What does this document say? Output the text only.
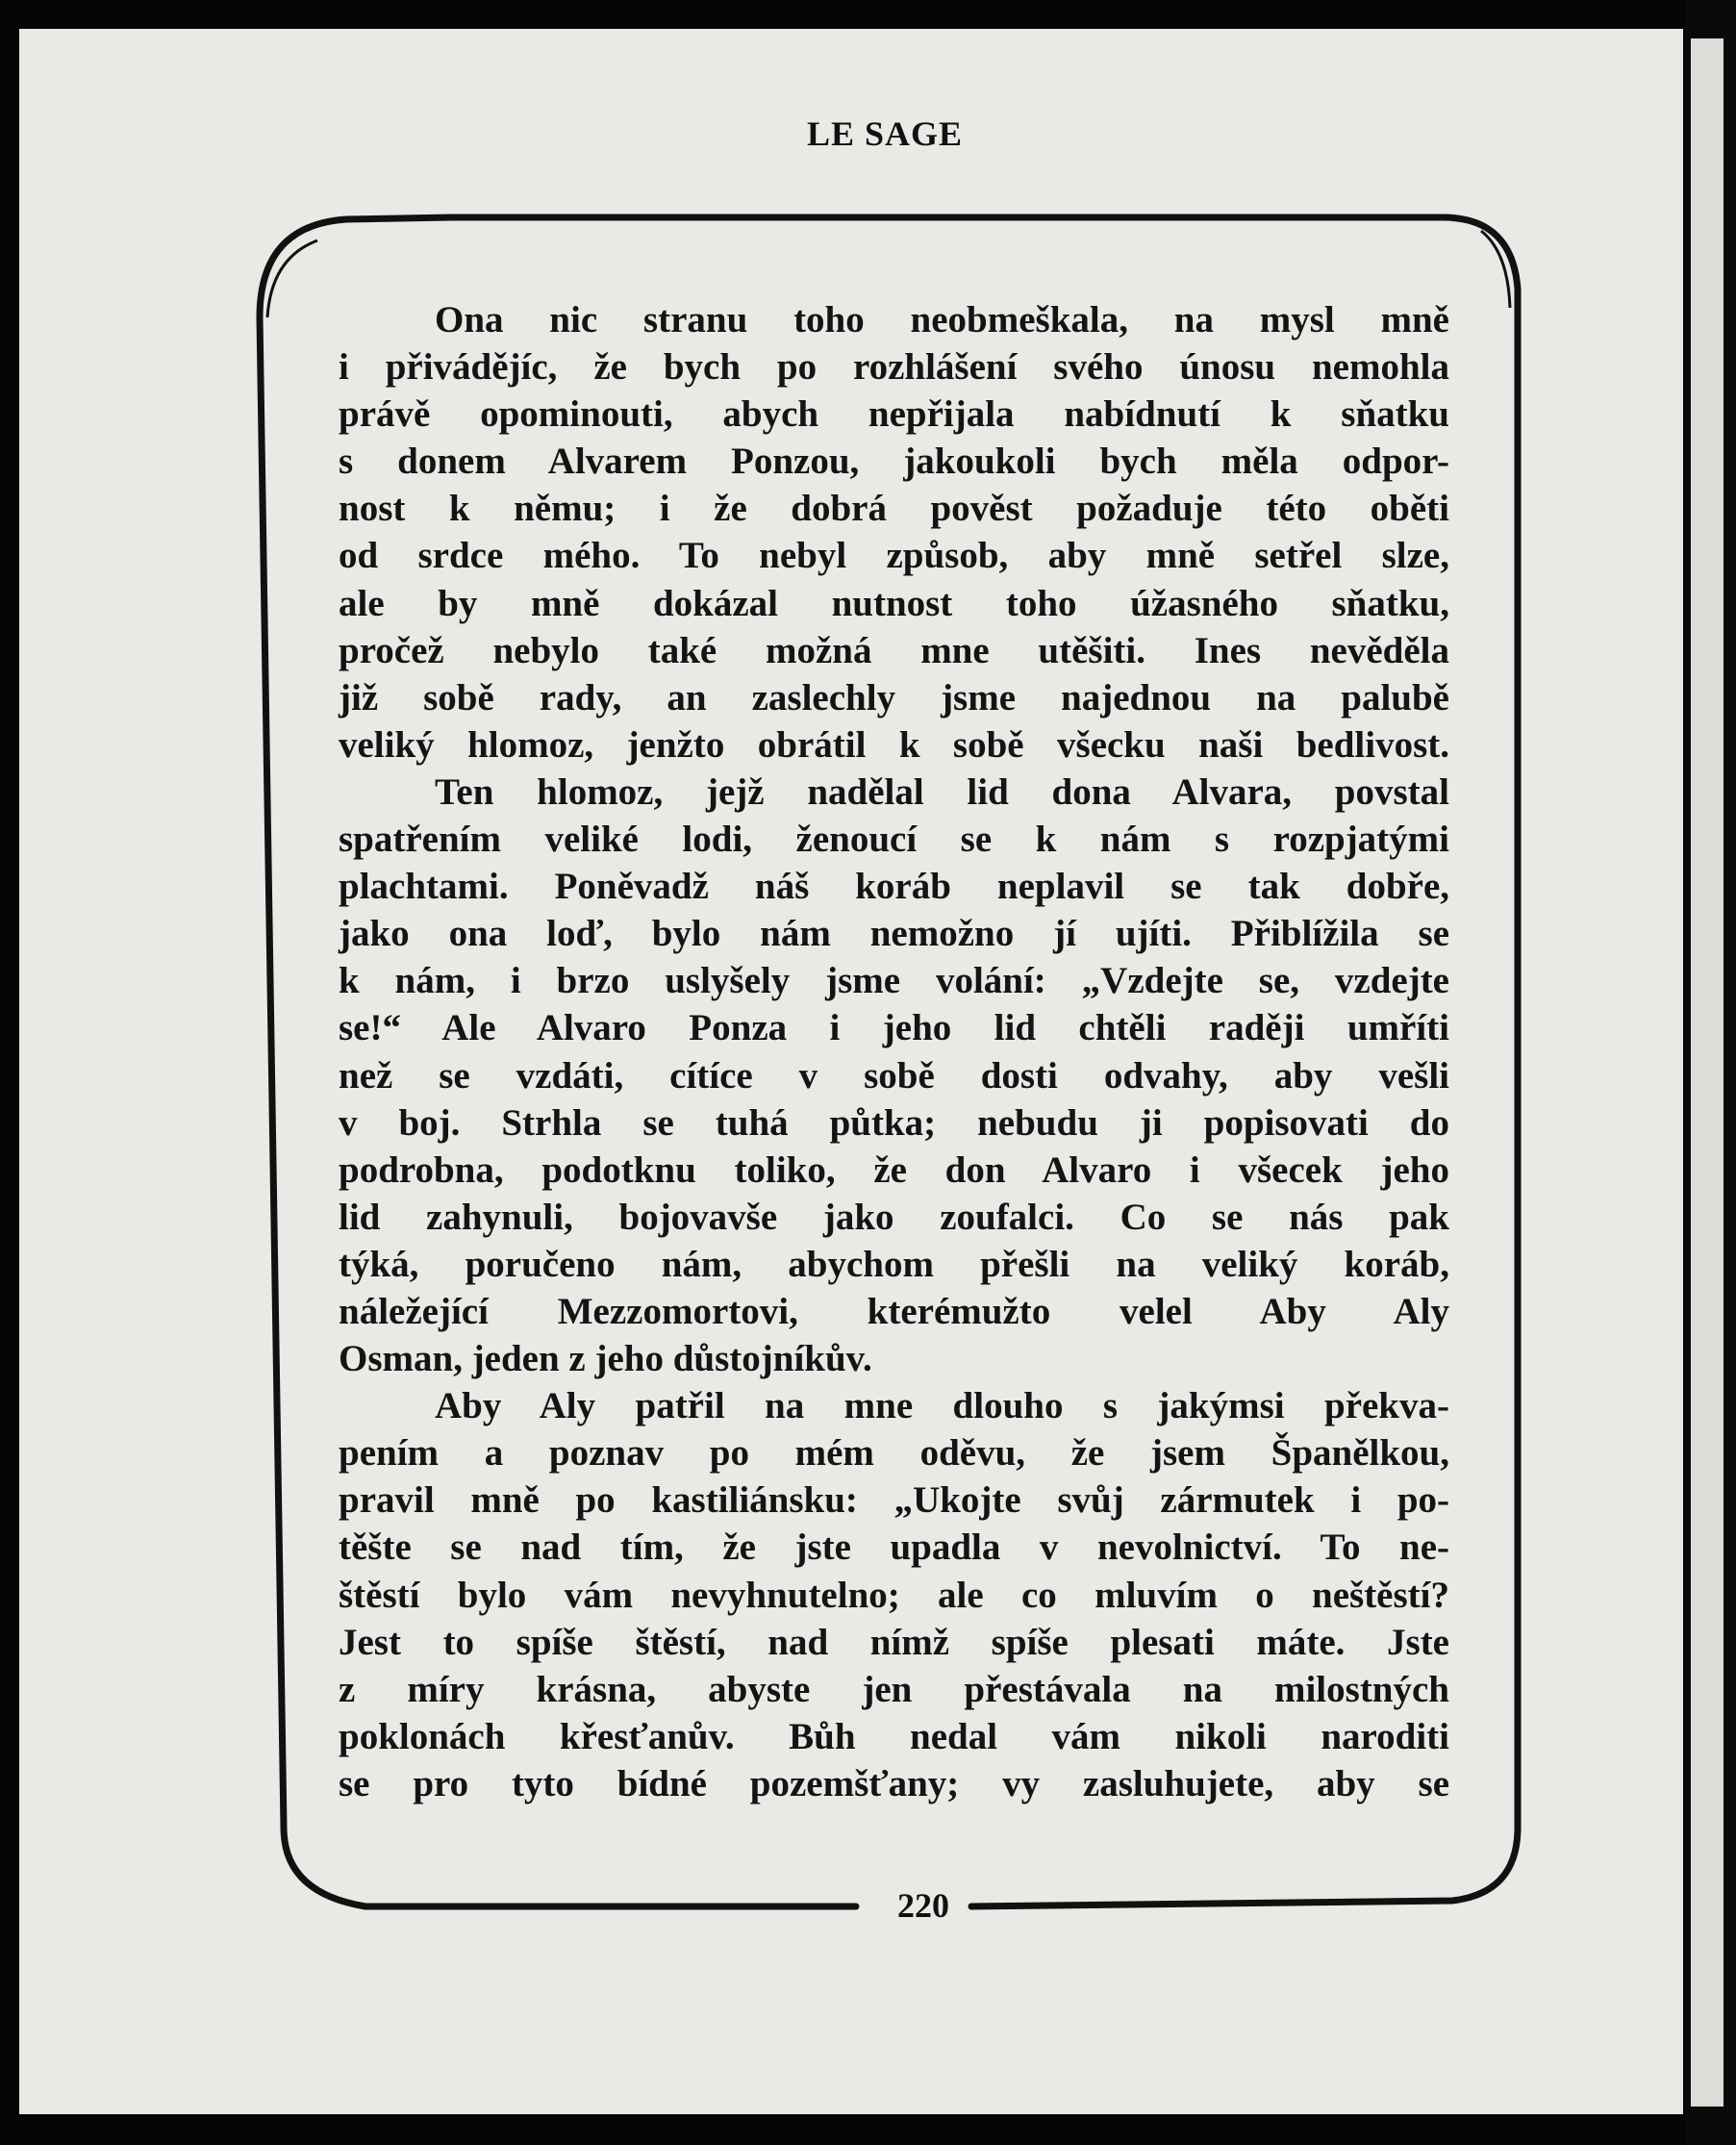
LE SAGE
Ona nic stranu toho neobmeškala, na mysl mně
i přivádějíc, že bych po rozhlášení svého únosu nemohla
právě opominouti, abych nepřijala nabídnutí k sňatku
s donem Alvarem Ponzou, jakoukoli bych měla odpor-
nost k němu; i že dobrá pověst požaduje této oběti
od srdce mého. To nebyl způsob, aby mně setřel slze,
ale by mně dokázal nutnost toho úžasného sňatku,
pročež nebylo také možná mne utěšiti. Ines nevěděla
již sobě rady, an zaslechly jsme najednou na palubě
veliký hlomoz, jenžto obrátil k sobě všecku naši bedlivost.
Ten hlomoz, jejž nadělal lid dona Alvara, povstal
spatřením veliké lodi, ženoucí se k nám s rozpjatými
plachtami. Poněvadž náš koráb neplavil se tak dobře,
jako ona loď, bylo nám nemožno jí ujíti. Přiblížila se
k nám, i brzo uslyšely jsme volání: „Vzdejte se, vzdejte
se!“ Ale Alvaro Ponza i jeho lid chtěli raději umříti
než se vzdáti, cítíce v sobě dosti odvahy, aby vešli
v boj. Strhla se tuhá půtka; nebudu ji popisovati do
podrobna, podotknu toliko, že don Alvaro i všecek jeho
lid zahynuli, bojovavše jako zoufalci. Co se nás pak
týká, poručeno nám, abychom přešli na veliký koráb,
náležející Mezzomortovi, kterémužto velel Aby Aly
Osman, jeden z jeho důstojníkův.
Aby Aly patřil na mne dlouho s jakýmsi překva-
pením a poznav po mém oděvu, že jsem Španělkou,
pravil mně po kastiliánsku: „Ukojte svůj zármutek i po-
těšte se nad tím, že jste upadla v nevolnictví. To ne-
štěstí bylo vám nevyhnutelno; ale co mluvím o neštěstí?
Jest to spíše štěstí, nad nímž spíše plesati máte. Jste
z míry krásna, abyste jen přestávala na milostných
poklonách křesťanův. Bůh nedal vám nikoli naroditi
se pro tyto bídné pozemšťany; vy zasluhujete, aby se
220
